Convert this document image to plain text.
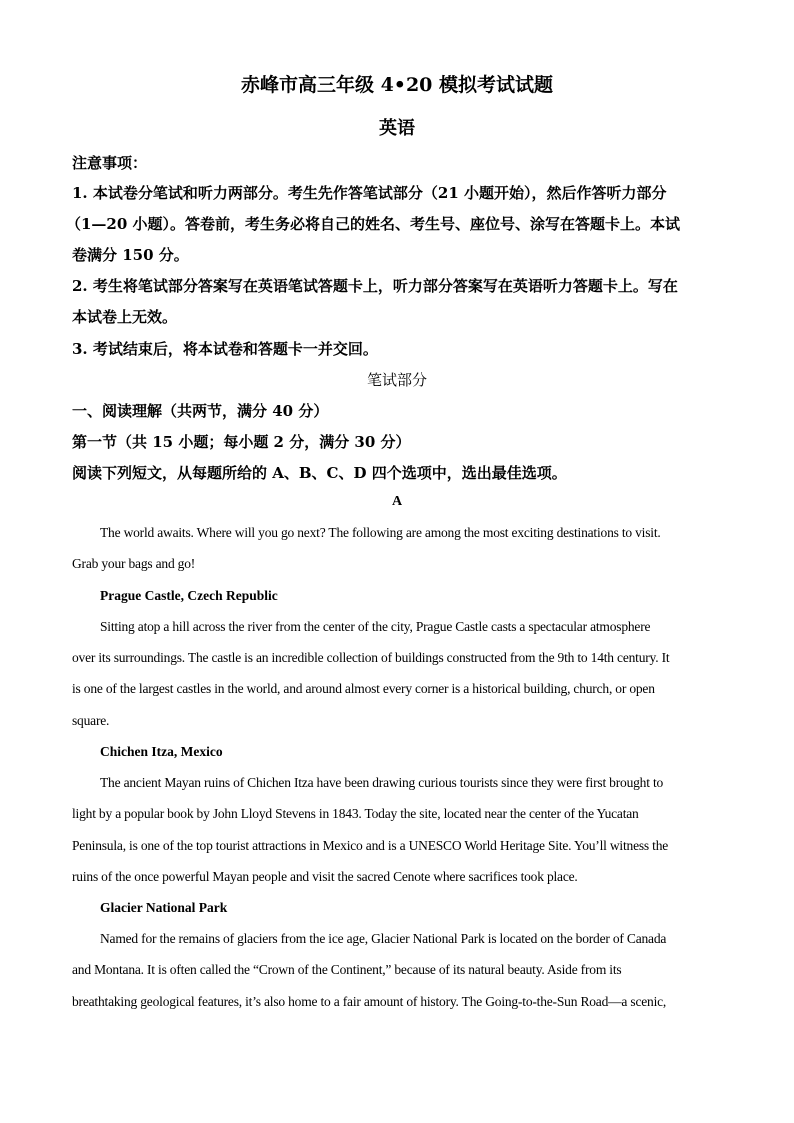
赤峰市高三年级 4•20 模拟考试试题
英语
注意事项：
1. 本试卷分笔试和听力两部分。考生先作答笔试部分（21 小题开始），然后作答听力部分
（1—20 小题）。答卷前，考生务必将自己的姓名、考生号、座位号、涂写在答题卡上。本试
卷满分 150 分。
2. 考生将笔试部分答案写在英语笔试答题卡上，听力部分答案写在英语听力答题卡上。写在
本试卷上无效。
3. 考试结束后，将本试卷和答题卡一并交回。
笔试部分
一、阅读理解（共两节，满分 40 分）
第一节（共 15 小题；每小题 2 分，满分 30 分）
阅读下列短文，从每题所给的 A、B、C、D 四个选项中，选出最佳选项。
A
The world awaits. Where will you go next? The following are among the most exciting destinations to visit.
Grab your bags and go!
Prague Castle, Czech Republic
Sitting atop a hill across the river from the center of the city, Prague Castle casts a spectacular atmosphere
over its surroundings. The castle is an incredible collection of buildings constructed from the 9th to 14th century. It
is one of the largest castles in the world, and around almost every corner is a historical building, church, or open
square.
Chichen Itza, Mexico
The ancient Mayan ruins of Chichen Itza have been drawing curious tourists since they were first brought to
light by a popular book by John Lloyd Stevens in 1843. Today the site, located near the center of the Yucatan
Peninsula, is one of the top tourist attractions in Mexico and is a UNESCO World Heritage Site. You’ll witness the
ruins of the once powerful Mayan people and visit the sacred Cenote where sacrifices took place.
Glacier National Park
Named for the remains of glaciers from the ice age, Glacier National Park is located on the border of Canada
and Montana. It is often called the “Crown of the Continent,” because of its natural beauty. Aside from its
breathtaking geological features, it’s also home to a fair amount of history. The Going-to-the-Sun Road—a scenic,
